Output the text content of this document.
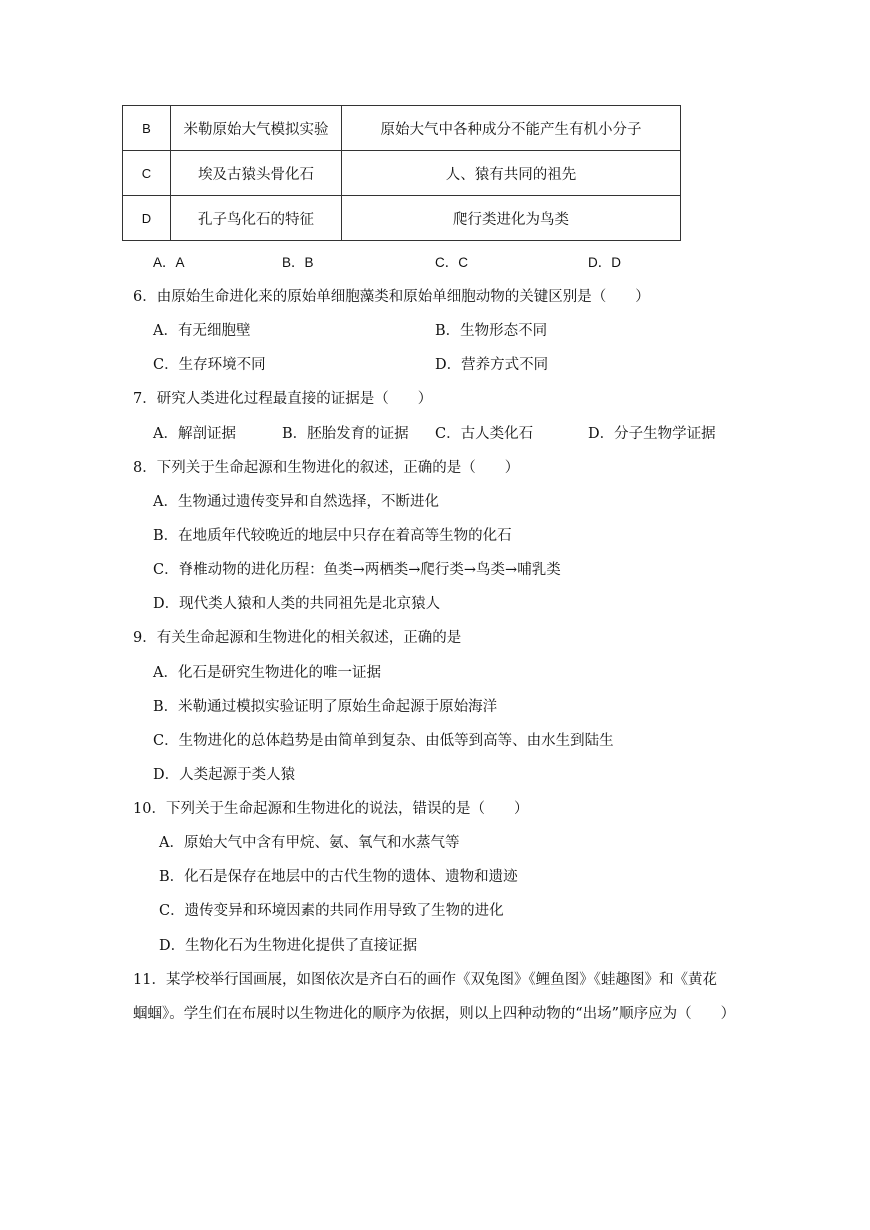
B	米勒原始大气模拟实验	原始大气中各种成分不能产生有机小分子
C	埃及古猿头骨化石	人、猿有共同的祖先
D	孔子鸟化石的特征	爬行类进化为鸟类
A．A	B．B	C．C	D．D
6．由原始生命进化来的原始单细胞藻类和原始单细胞动物的关键区别是（　　）
A．有无细胞壁	B．生物形态不同
C．生存环境不同	D．营养方式不同
7．研究人类进化过程最直接的证据是（　　）
A．解剖证据	B．胚胎发育的证据 C．古人类化石	D．分子生物学证据
8．下列关于生命起源和生物进化的叙述，正确的是（　　）
A．生物通过遗传变异和自然选择，不断进化
B．在地质年代较晚近的地层中只存在着高等生物的化石
C．脊椎动物的进化历程：鱼类→两栖类→爬行类→鸟类→哺乳类
D．现代类人猿和人类的共同祖先是北京猿人
9．有关生命起源和生物进化的相关叙述，正确的是
A．化石是研究生物进化的唯一证据
B．米勒通过模拟实验证明了原始生命起源于原始海洋
C．生物进化的总体趋势是由简单到复杂、由低等到高等、由水生到陆生
D．人类起源于类人猿
10．下列关于生命起源和生物进化的说法，错误的是（　　）
A．原始大气中含有甲烷、氨、氧气和水蒸气等
B．化石是保存在地层中的古代生物的遗体、遗物和遗迹
C．遗传变异和环境因素的共同作用导致了生物的进化
D．生物化石为生物进化提供了直接证据
11．某学校举行国画展，如图依次是齐白石的画作《双兔图》《鲤鱼图》《蛙趣图》和《黄花
蝈蝈》。学生们在布展时以生物进化的顺序为依据，则以上四种动物的“出场”顺序应为（　　）
